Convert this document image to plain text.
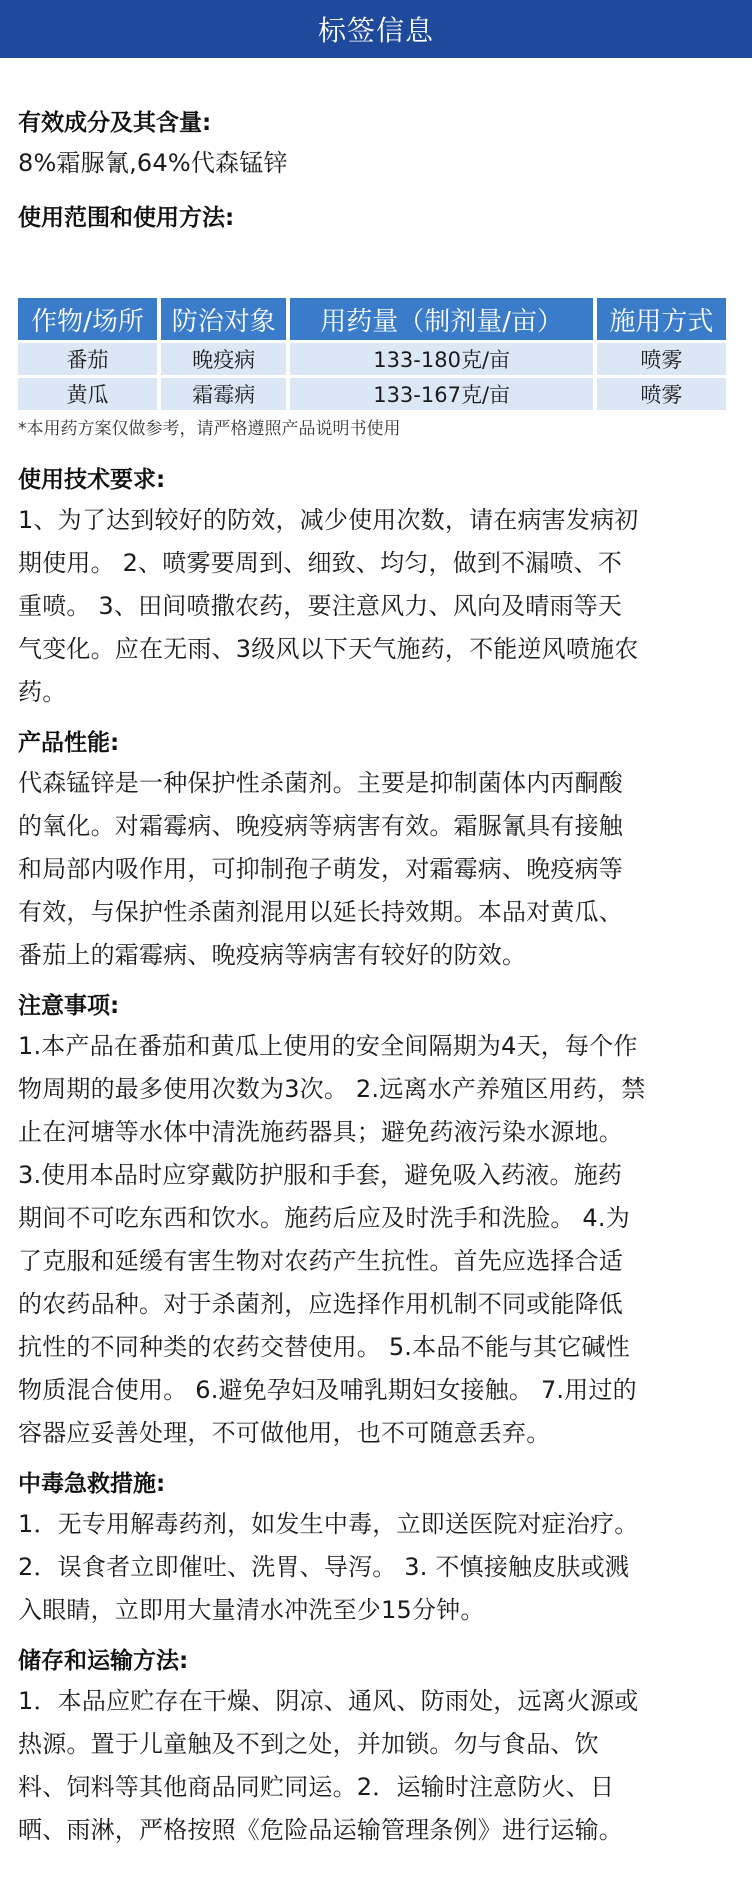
标签信息
有效成分及其含量:
8%霜脲氰,64%代森锰锌
使用范围和使用方法:
作物/场所	防治对象	用药量（制剂量/亩）	施用方式
番茄	晚疫病	133-180克/亩	喷雾
黄瓜	霜霉病	133-167克/亩	喷雾
*本用药方案仅做参考，请严格遵照产品说明书使用
使用技术要求:
1、为了达到较好的防效，减少使用次数，请在病害发病初
期使用。 2、喷雾要周到、细致、均匀，做到不漏喷、不
重喷。 3、田间喷撒农药，要注意风力、风向及晴雨等天
气变化。应在无雨、3级风以下天气施药，不能逆风喷施农
药。
产品性能:
代森锰锌是一种保护性杀菌剂。主要是抑制菌体内丙酮酸
的氧化。对霜霉病、晚疫病等病害有效。霜脲氰具有接触
和局部内吸作用，可抑制孢子萌发，对霜霉病、晚疫病等
有效，与保护性杀菌剂混用以延长持效期。本品对黄瓜、
番茄上的霜霉病、晚疫病等病害有较好的防效。
注意事项:
1.本产品在番茄和黄瓜上使用的安全间隔期为4天，每个作
物周期的最多使用次数为3次。 2.远离水产养殖区用药，禁
止在河塘等水体中清洗施药器具；避免药液污染水源地。
3.使用本品时应穿戴防护服和手套，避免吸入药液。施药
期间不可吃东西和饮水。施药后应及时洗手和洗脸。 4.为
了克服和延缓有害生物对农药产生抗性。首先应选择合适
的农药品种。对于杀菌剂，应选择作用机制不同或能降低
抗性的不同种类的农药交替使用。 5.本品不能与其它碱性
物质混合使用。 6.避免孕妇及哺乳期妇女接触。 7.用过的
容器应妥善处理，不可做他用，也不可随意丢弃。
中毒急救措施:
1．无专用解毒药剂，如发生中毒，立即送医院对症治疗。
2．误食者立即催吐、洗胃、导泻。 3. 不慎接触皮肤或溅
入眼睛，立即用大量清水冲洗至少15分钟。
储存和运输方法:
1．本品应贮存在干燥、阴凉、通风、防雨处，远离火源或
热源。置于儿童触及不到之处，并加锁。勿与食品、饮
料、饲料等其他商品同贮同运。2．运输时注意防火、日
晒、雨淋，严格按照《危险品运输管理条例》进行运输。
